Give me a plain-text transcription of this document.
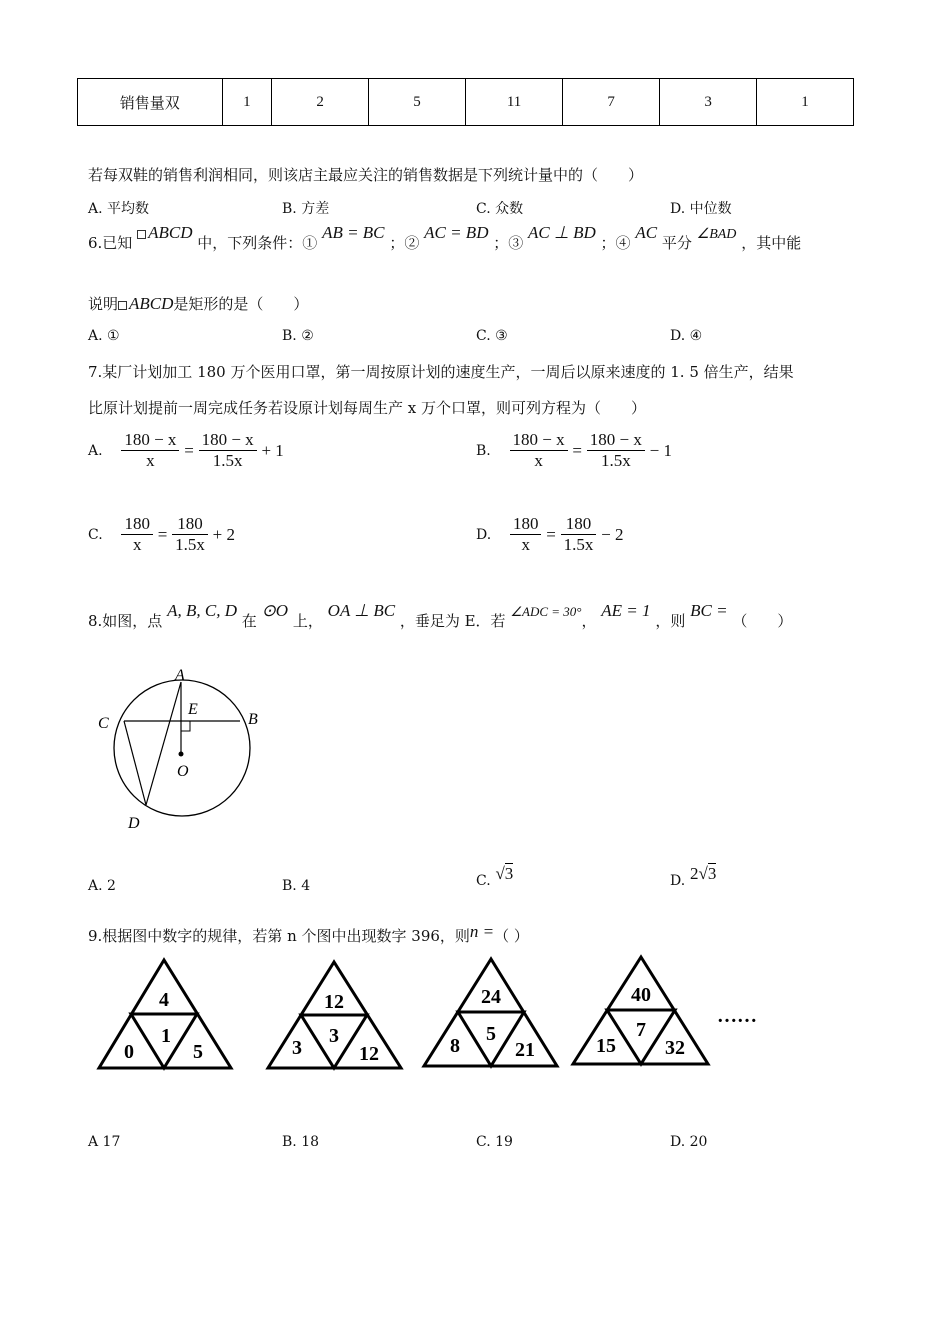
销售量双	1	2	5	11	7	3	1
若每双鞋的销售利润相同，则该店主最应关注的销售数据是下列统计量中的（　　）
A. 平均数	B. 方差	C. 众数	D. 中位数
6.已知 ABCD 中，下列条件：① AB = BC ；② AC = BD ；③ AC ⊥ BD ；④ AC 平分 ∠BAD ，其中能
说明 ABCD是矩形的是（　　）
A. ①	B. ②	C. ③	D. ④
7.某厂计划加工 180 万个医用口罩，第一周按原计划的速度生产，一周后以原来速度的 1. 5 倍生产，结果
比原计划提前一周完成任务若设原计划每周生产 x 万个口罩，则可列方程为（　　）
A. $\frac{180 - x}{x} = \frac{180 - x}{1.5x} + 1$	B. $\frac{180 - x}{x} = \frac{180 - x}{1.5x} - 1$
C. $\frac{180}{x} = \frac{180}{1.5x} + 2$	D. $\frac{180}{x} = \frac{180}{1.5x} - 2$
8.如图，点 A, B, C, D 在 ⊙O 上， OA ⊥ BC ，垂足为 E．若 ∠ADC = 30°， AE = 1 ，则 BC = （　　）
A
B
C
D
E
O
A. 2	B. 4	C. √3	D. 2√3
9.根据图中数字的规律，若第 n 个图中出现数字 396，则n =（ ）
4
1
0	5
12
3
3	12
24
5
8	21
40
7
15 32
……
A 17	B. 18	C. 19	D. 20
